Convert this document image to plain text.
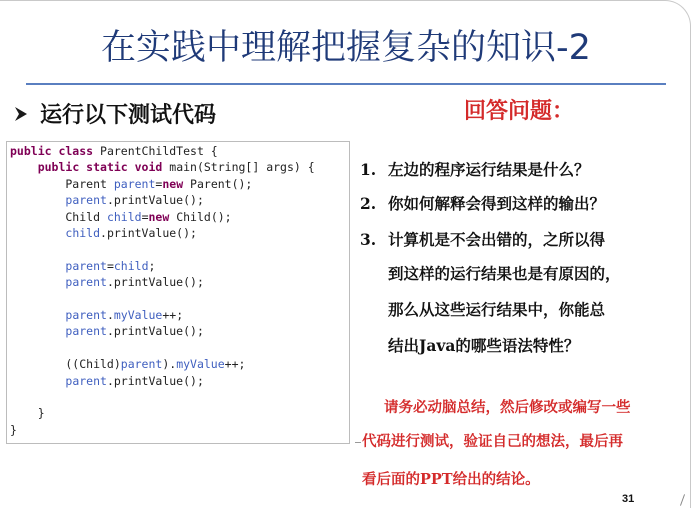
在实践中理解把握复杂的知识-2
运行以下测试代码	回答问题：
public class ParentChildTest {
public static void main(String[] args) {
Parent parent=new Parent();
parent.printValue();
Child child=new Child();
child.printValue();
parent=child;
parent.printValue();
parent.myValue++;
parent.printValue();
((Child)parent).myValue++;
parent.printValue();
}
}
1. 左边的程序运行结果是什么？
2. 你如何解释会得到这样的输出？
3. 计算机是不会出错的，之所以得
到这样的运行结果也是有原因的，
那么从这些运行结果中，你能总
结出Java的哪些语法特性？
请务必动脑总结，然后修改或编写一些
代码进行测试，验证自己的想法，最后再
看后面的PPT给出的结论。
31
